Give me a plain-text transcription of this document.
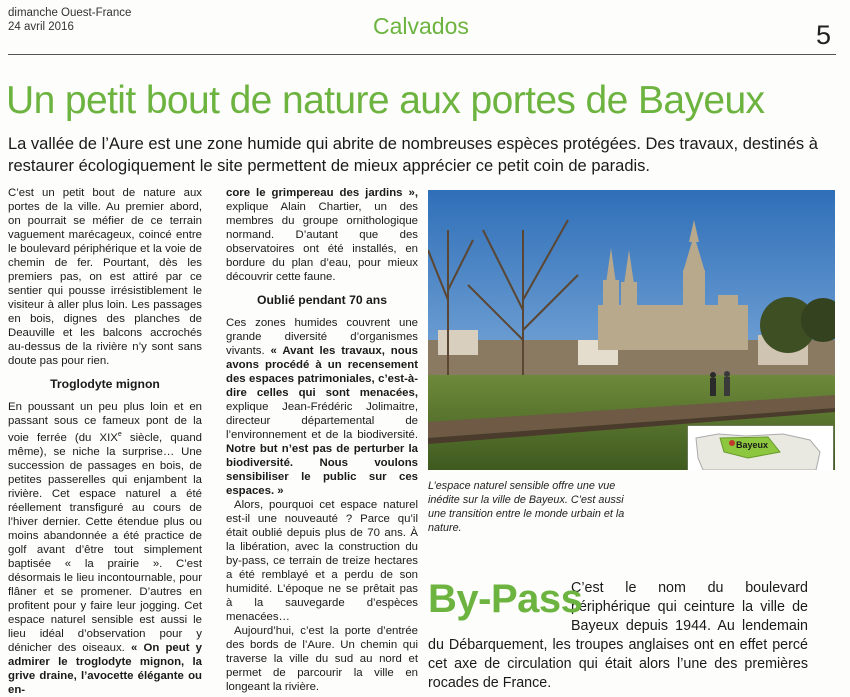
dimanche Ouest-France
24 avril 2016	Calvados	5
Un petit bout de nature aux portes de Bayeux
La vallée de l’Aure est une zone humide qui abrite de nombreuses espèces protégées. Des travaux, destinés à restaurer écologiquement le site permettent de mieux apprécier ce petit coin de paradis.

C’est un petit bout de nature aux portes de la ville. Au premier abord, on pourrait se méfier de ce terrain vaguement marécageux, coincé entre le boulevard périphérique et la voie de chemin de fer. Pourtant, dès les premiers pas, on est attiré par ce sentier qui pousse irrésistiblement le visiteur à aller plus loin. Les passages en bois, dignes des planches de Deauville et les balcons accrochés au-dessus de la rivière n’y sont sans doute pas pour rien.

Troglodyte mignon

En poussant un peu plus loin et en passant sous ce fameux pont de la voie ferrée (du XIXe siècle, quand même), se niche la surprise… Une succession de passages en bois, de petites passerelles qui enjambent la rivière. Cet espace naturel a été réellement transfiguré au cours de l’hiver dernier. Cette étendue plus ou moins abandonnée a été practice de golf avant d’être tout simplement baptisée « la prairie ». C’est désormais le lieu incontournable, pour flâner et se promener. D’autres en profitent pour y faire leur jogging. Cet espace naturel sensible est aussi le lieu idéal d’observation pour y dénicher des oiseaux. « On peut y admirer le troglodyte mignon, la grive draine, l’avocette élégante ou en-

core le grimpereau des jardins », explique Alain Chartier, un des membres du groupe ornithologique normand. D’autant que des observatoires ont été installés, en bordure du plan d’eau, pour mieux découvrir cette faune.

Oublié pendant 70 ans

Ces zones humides couvrent une grande diversité d’organismes vivants. « Avant les travaux, nous avons procédé à un recensement des espaces patrimoniales, c’est-à-dire celles qui sont menacées, explique Jean-Frédéric Jolimaitre, directeur départemental de l’environnement et de la biodiversité. Notre but n’est pas de perturber la biodiversité. Nous voulons sensibiliser le public sur ces espaces. »

Alors, pourquoi cet espace naturel est-il une nouveauté ? Parce qu’il était oublié depuis plus de 70 ans. À la libération, avec la construction du by-pass, ce terrain de treize hectares a été remblayé et a perdu de son humidité. L’époque ne se prêtait pas à la sauvegarde d’espèces menacées…

Aujourd’hui, c’est la porte d’entrée des bords de l’Aure. Un chemin qui traverse la ville du sud au nord et permet de parcourir la ville en longeant la rivière.

Bayeux
L’espace naturel sensible offre une vue inédite sur la ville de Bayeux. C’est aussi une transition entre le monde urbain et la nature.
C’est le nom du boulevard périphérique qui ceinture la ville de Bayeux depuis 1944. Au lendemain du Débarquement, les troupes anglaises ont en effet percé cet axe de circulation qui était alors l’une des premières rocades de France.
By-Pass
